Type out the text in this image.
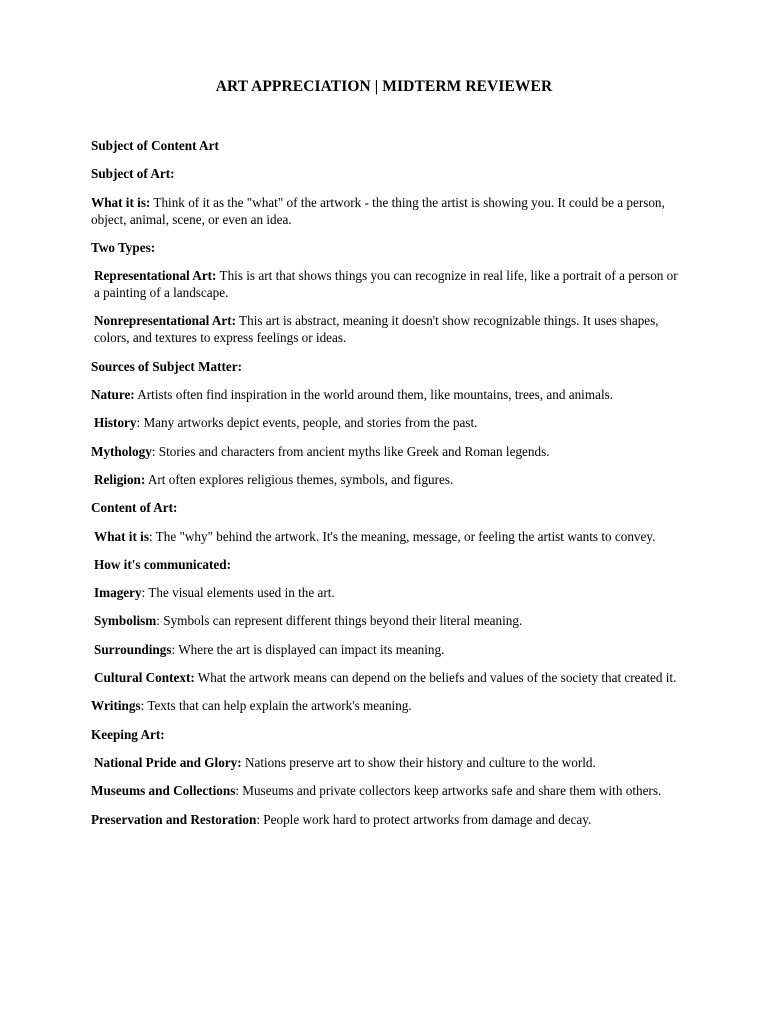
ART APPRECIATION | MIDTERM REVIEWER

Subject of Content Art

Subject of Art:

What it is: Think of it as the "what" of the artwork - the thing the artist is showing you. It could be a person, object, animal, scene, or even an idea.

Two Types:

Representational Art: This is art that shows things you can recognize in real life, like a portrait of a person or a painting of a landscape.

Nonrepresentational Art: This art is abstract, meaning it doesn't show recognizable things. It uses shapes, colors, and textures to express feelings or ideas.

Sources of Subject Matter:

Nature: Artists often find inspiration in the world around them, like mountains, trees, and animals.

History: Many artworks depict events, people, and stories from the past.

Mythology: Stories and characters from ancient myths like Greek and Roman legends.

Religion: Art often explores religious themes, symbols, and figures.

Content of Art:

What it is: The "why" behind the artwork. It's the meaning, message, or feeling the artist wants to convey.

How it's communicated:

Imagery: The visual elements used in the art.

Symbolism: Symbols can represent different things beyond their literal meaning.

Surroundings: Where the art is displayed can impact its meaning.

Cultural Context: What the artwork means can depend on the beliefs and values of the society that created it.

Writings: Texts that can help explain the artwork's meaning.

Keeping Art:

National Pride and Glory: Nations preserve art to show their history and culture to the world.

Museums and Collections: Museums and private collectors keep artworks safe and share them with others.

Preservation and Restoration: People work hard to protect artworks from damage and decay.
